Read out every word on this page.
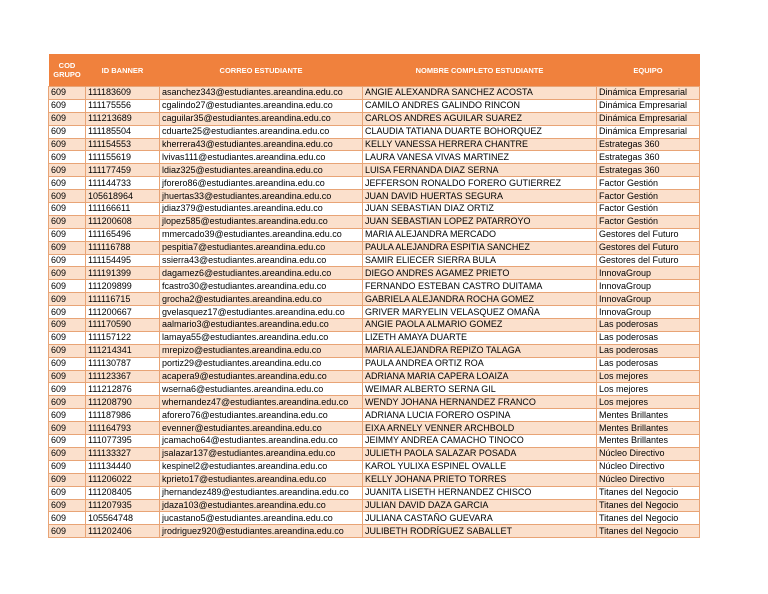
COD GRUPO	ID BANNER	CORREO ESTUDIANTE	NOMBRE COMPLETO ESTUDIANTE	EQUIPO
609	111183609	asanchez343@estudiantes.areandina.edu.co	ANGIE ALEXANDRA SANCHEZ ACOSTA	Dinámica Empresarial
609	111175556	cgalindo27@estudiantes.areandina.edu.co	CAMILO ANDRES GALINDO RINCON	Dinámica Empresarial
609	111213689	caguilar35@estudiantes.areandina.edu.co	CARLOS ANDRES AGUILAR SUAREZ	Dinámica Empresarial
609	111185504	cduarte25@estudiantes.areandina.edu.co	CLAUDIA TATIANA DUARTE BOHORQUEZ	Dinámica Empresarial
609	111154553	kherrera43@estudiantes.areandina.edu.co	KELLY VANESSA HERRERA CHANTRE	Estrategas 360
609	111155619	lvivas111@estudiantes.areandina.edu.co	LAURA VANESA VIVAS MARTINEZ	Estrategas 360
609	111177459	ldiaz325@estudiantes.areandina.edu.co	LUISA FERNANDA DIAZ SERNA	Estrategas 360
609	111144733	jforero86@estudiantes.areandina.edu.co	JEFFERSON RONALDO FORERO GUTIERREZ	Factor Gestión
609	105618964	jhuertas33@estudiantes.areandina.edu.co	JUAN DAVID HUERTAS SEGURA	Factor Gestión
609	111166611	jdiaz379@estudiantes.areandina.edu.co	JUAN SEBASTIAN DIAZ ORTIZ	Factor Gestión
609	111200608	jlopez585@estudiantes.areandina.edu.co	JUAN SEBASTIAN LOPEZ PATARROYO	Factor Gestión
609	111165496	mmercado39@estudiantes.areandina.edu.co	MARIA ALEJANDRA MERCADO	Gestores del Futuro
609	111116788	pespitia7@estudiantes.areandina.edu.co	PAULA ALEJANDRA ESPITIA SANCHEZ	Gestores del Futuro
609	111154495	ssierra43@estudiantes.areandina.edu.co	SAMIR ELIECER SIERRA BULA	Gestores del Futuro
609	111191399	dagamez6@estudiantes.areandina.edu.co	DIEGO ANDRES AGAMEZ PRIETO	InnovaGroup
609	111209899	fcastro30@estudiantes.areandina.edu.co	FERNANDO ESTEBAN CASTRO DUITAMA	InnovaGroup
609	111116715	grocha2@estudiantes.areandina.edu.co	GABRIELA ALEJANDRA ROCHA GOMEZ	InnovaGroup
609	111200667	gvelasquez17@estudiantes.areandina.edu.co	GRIVER MARYELIN VELASQUEZ OMAÑA	InnovaGroup
609	111170590	aalmario3@estudiantes.areandina.edu.co	ANGIE PAOLA ALMARIO GOMEZ	Las poderosas
609	111157122	lamaya55@estudiantes.areandina.edu.co	LIZETH AMAYA DUARTE	Las poderosas
609	111214341	mrepizo@estudiantes.areandina.edu.co	MARIA ALEJANDRA REPIZO TALAGA	Las poderosas
609	111130787	portiz29@estudiantes.areandina.edu.co	PAULA ANDREA ORTIZ ROA	Las poderosas
609	111123367	acapera9@estudiantes.areandina.edu.co	ADRIANA MARIA CAPERA LOAIZA	Los mejores
609	111212876	wserna6@estudiantes.areandina.edu.co	WEIMAR ALBERTO SERNA GIL	Los mejores
609	111208790	whernandez47@estudiantes.areandina.edu.co	WENDY JOHANA HERNANDEZ FRANCO	Los mejores
609	111187986	aforero76@estudiantes.areandina.edu.co	ADRIANA LUCIA FORERO OSPINA	Mentes Brillantes
609	111164793	evenner@estudiantes.areandina.edu.co	EIXA ARNELY VENNER ARCHBOLD	Mentes Brillantes
609	111077395	jcamacho64@estudiantes.areandina.edu.co	JEIMMY ANDREA CAMACHO TINOCO	Mentes Brillantes
609	111133327	jsalazar137@estudiantes.areandina.edu.co	JULIETH PAOLA SALAZAR POSADA	Núcleo Directivo
609	111134440	kespinel2@estudiantes.areandina.edu.co	KAROL YULIXA ESPINEL OVALLE	Núcleo Directivo
609	111206022	kprieto17@estudiantes.areandina.edu.co	KELLY JOHANA PRIETO TORRES	Núcleo Directivo
609	111208405	jhernandez489@estudiantes.areandina.edu.co	JUANITA LISETH HERNANDEZ CHISCO	Titanes del Negocio
609	111207935	jdaza103@estudiantes.areandina.edu.co	JULIAN DAVID DAZA GARCIA	Titanes del Negocio
609	105564748	jucastano5@estudiantes.areandina.edu.co	JULIANA CASTAÑO GUEVARA	Titanes del Negocio
609	111202406	jrodriguez920@estudiantes.areandina.edu.co	JULIBETH RODRÍGUEZ SABALLET	Titanes del Negocio
